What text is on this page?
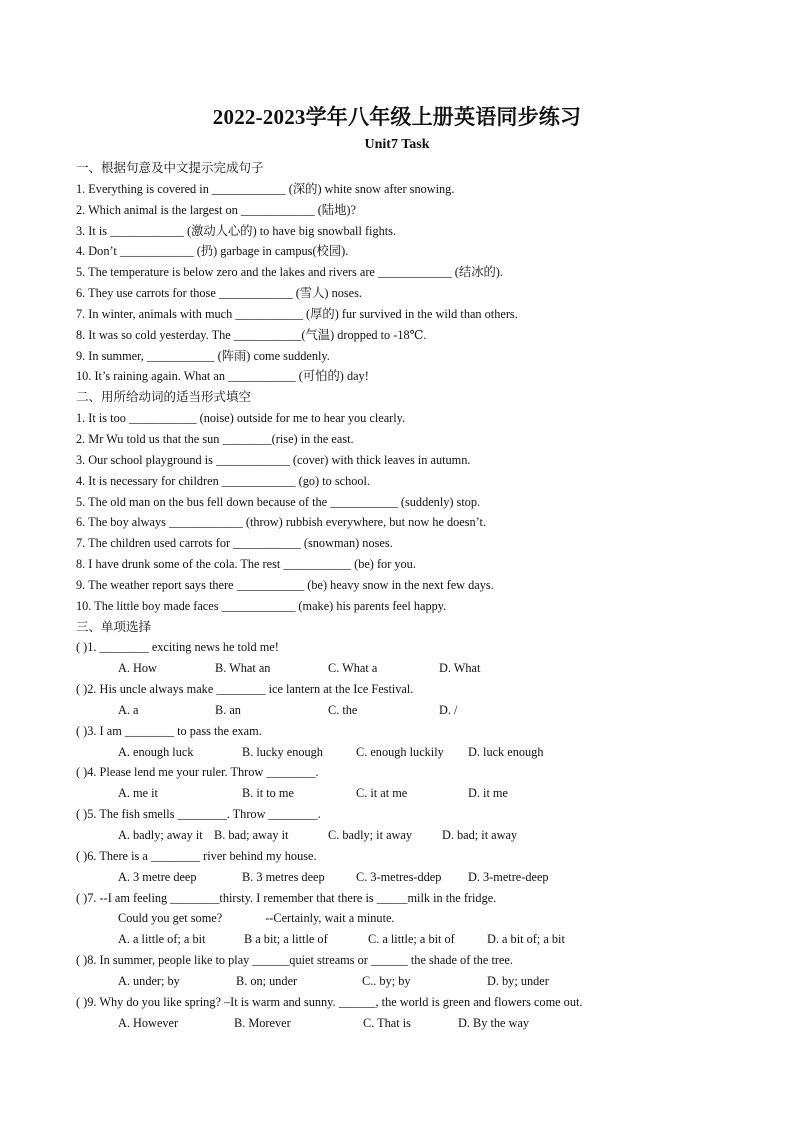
2022-2023学年八年级上册英语同步练习
Unit7 Task
一、根据句意及中文提示完成句子
1. Everything is covered in ____________ (深的) white snow after snowing.
2. Which animal is the largest on ____________ (陆地)?
3. It is ____________ (激动人心的) to have big snowball fights.
4. Don’t ____________ (扔) garbage in campus(校园).
5. The temperature is below zero and the lakes and rivers are ____________ (结冰的).
6. They use carrots for those ____________ (雪人) noses.
7. In winter, animals with much ___________ (厚的) fur survived in the wild than others.
8. It was so cold yesterday. The ___________(气温) dropped to -18℃.
9. In summer, ___________ (阵雨) come suddenly.
10. It’s raining again. What an ___________ (可怕的) day!
二、用所给动词的适当形式填空
1. It is too ___________ (noise) outside for me to hear you clearly.
2. Mr Wu told us that the sun ________(rise) in the east.
3. Our school playground is ____________ (cover) with thick leaves in autumn.
4. It is necessary for children ____________ (go) to school.
5. The old man on the bus fell down because of the ___________ (suddenly) stop.
6. The boy always ____________ (throw) rubbish everywhere, but now he doesn’t.
7. The children used carrots for ___________ (snowman) noses.
8. I have drunk some of the cola. The rest ___________ (be) for you.
9. The weather report says there ___________ (be) heavy snow in the next few days.
10. The little boy made faces ____________ (make) his parents feel happy.
三、单项选择
( )1. ________ exciting news he told me!
A. How	B. What an	C. What a	D. What
( )2. His uncle always make ________ ice lantern at the Ice Festival.
A. a	B. an	C. the	D. /
( )3. I am ________ to pass the exam.
A. enough luck	B. lucky enough	C. enough luckily D. luck enough
( )4. Please lend me your ruler. Throw ________.
A. me it	B. it to me	C. it at me	D. it me
( )5. The fish smells ________. Throw ________.
A. badly; away it B. bad; away it	C. badly; it away D. bad; it away
( )6. There is a ________ river behind my house.
A. 3 metre deep	B. 3 metres deep	C. 3-metres-ddep D. 3-metre-deep
( )7. --I am feeling ________thirsty. I remember that there is _____milk in the fridge.
Could you get some?              --Certainly, wait a minute.
A. a little of; a bit	B a bit; a little of	C. a little; a bit of	D. a bit of; a bit
( )8. In summer, people like to play ______quiet streams or ______ the shade of the tree.
A. under; by	B. on; under	C.. by; by	D. by; under
( )9. Why do you like spring? –It is warm and sunny. ______, the world is green and flowers come out.
A. However	B. Morever	C. That is	D. By the way
